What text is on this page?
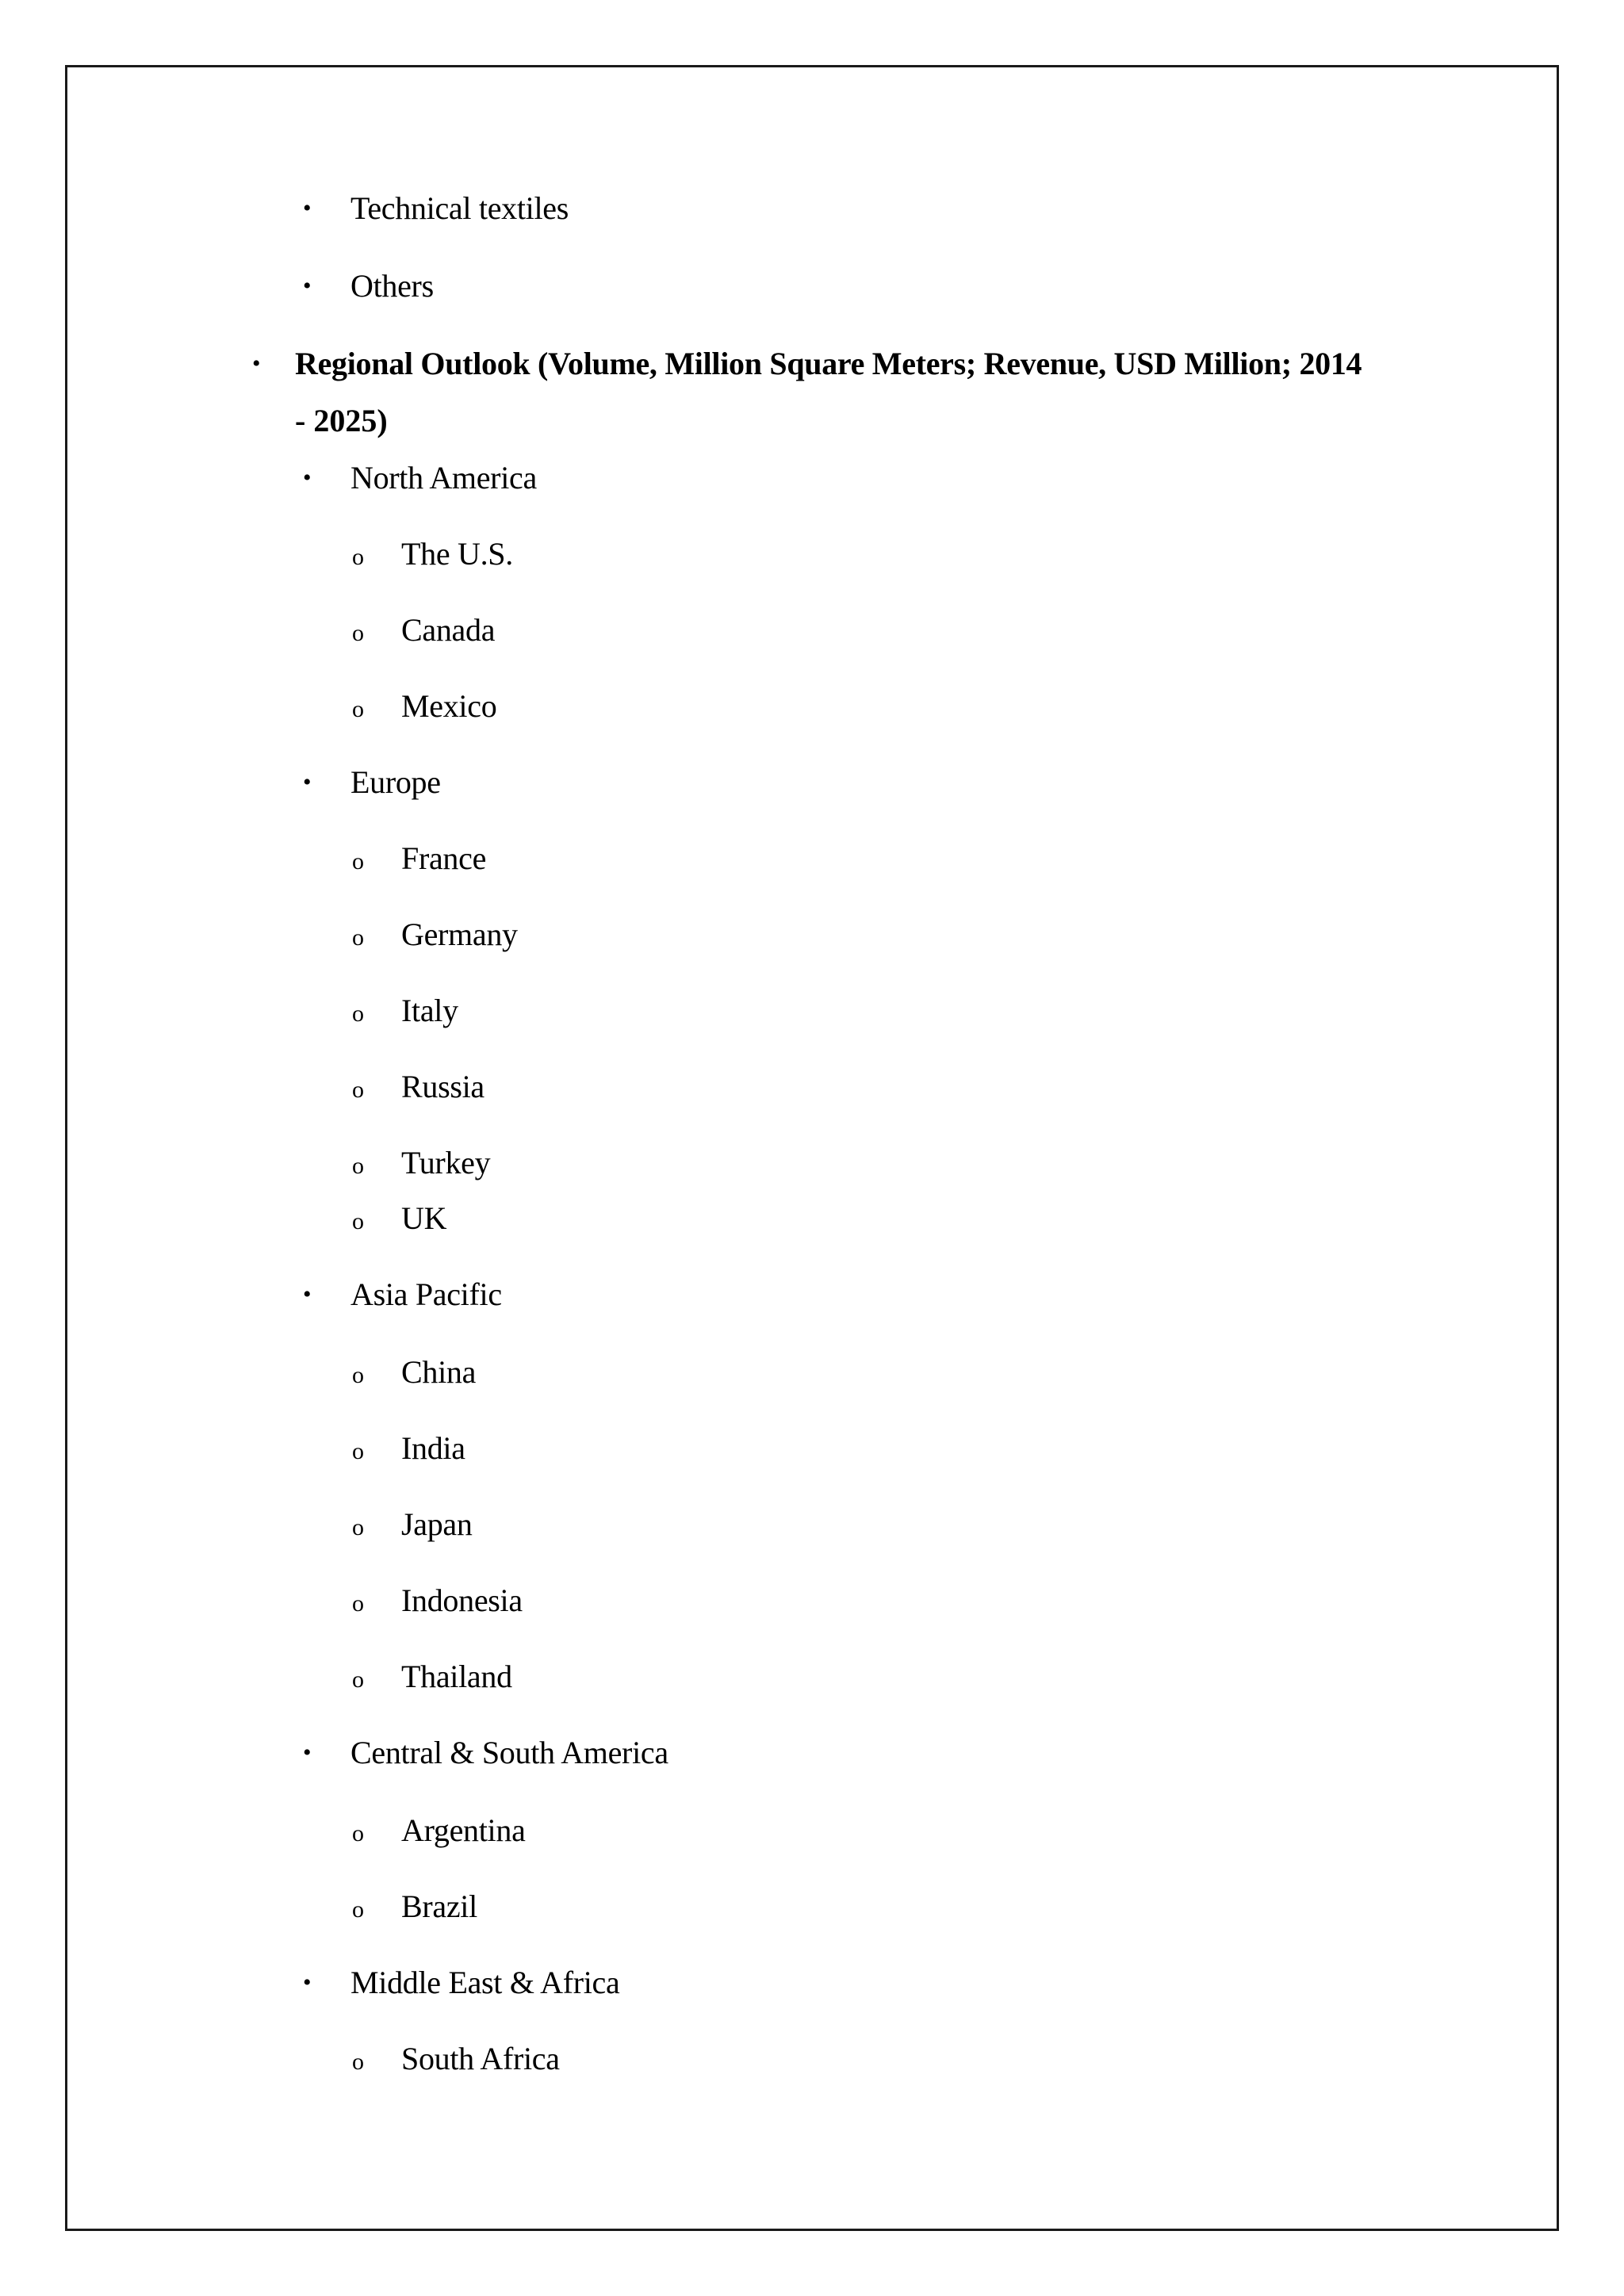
• Technical textiles
• Others
• Regional Outlook (Volume, Million Square Meters; Revenue, USD Million; 2014
- 2025)
• North America
o The U.S.
o Canada
o Mexico
• Europe
o France
o Germany
o Italy
o Russia
o Turkey
o UK
• Asia Pacific
o China
o India
o Japan
o Indonesia
o Thailand
• Central & South America
o Argentina
o Brazil
• Middle East & Africa
o South Africa
